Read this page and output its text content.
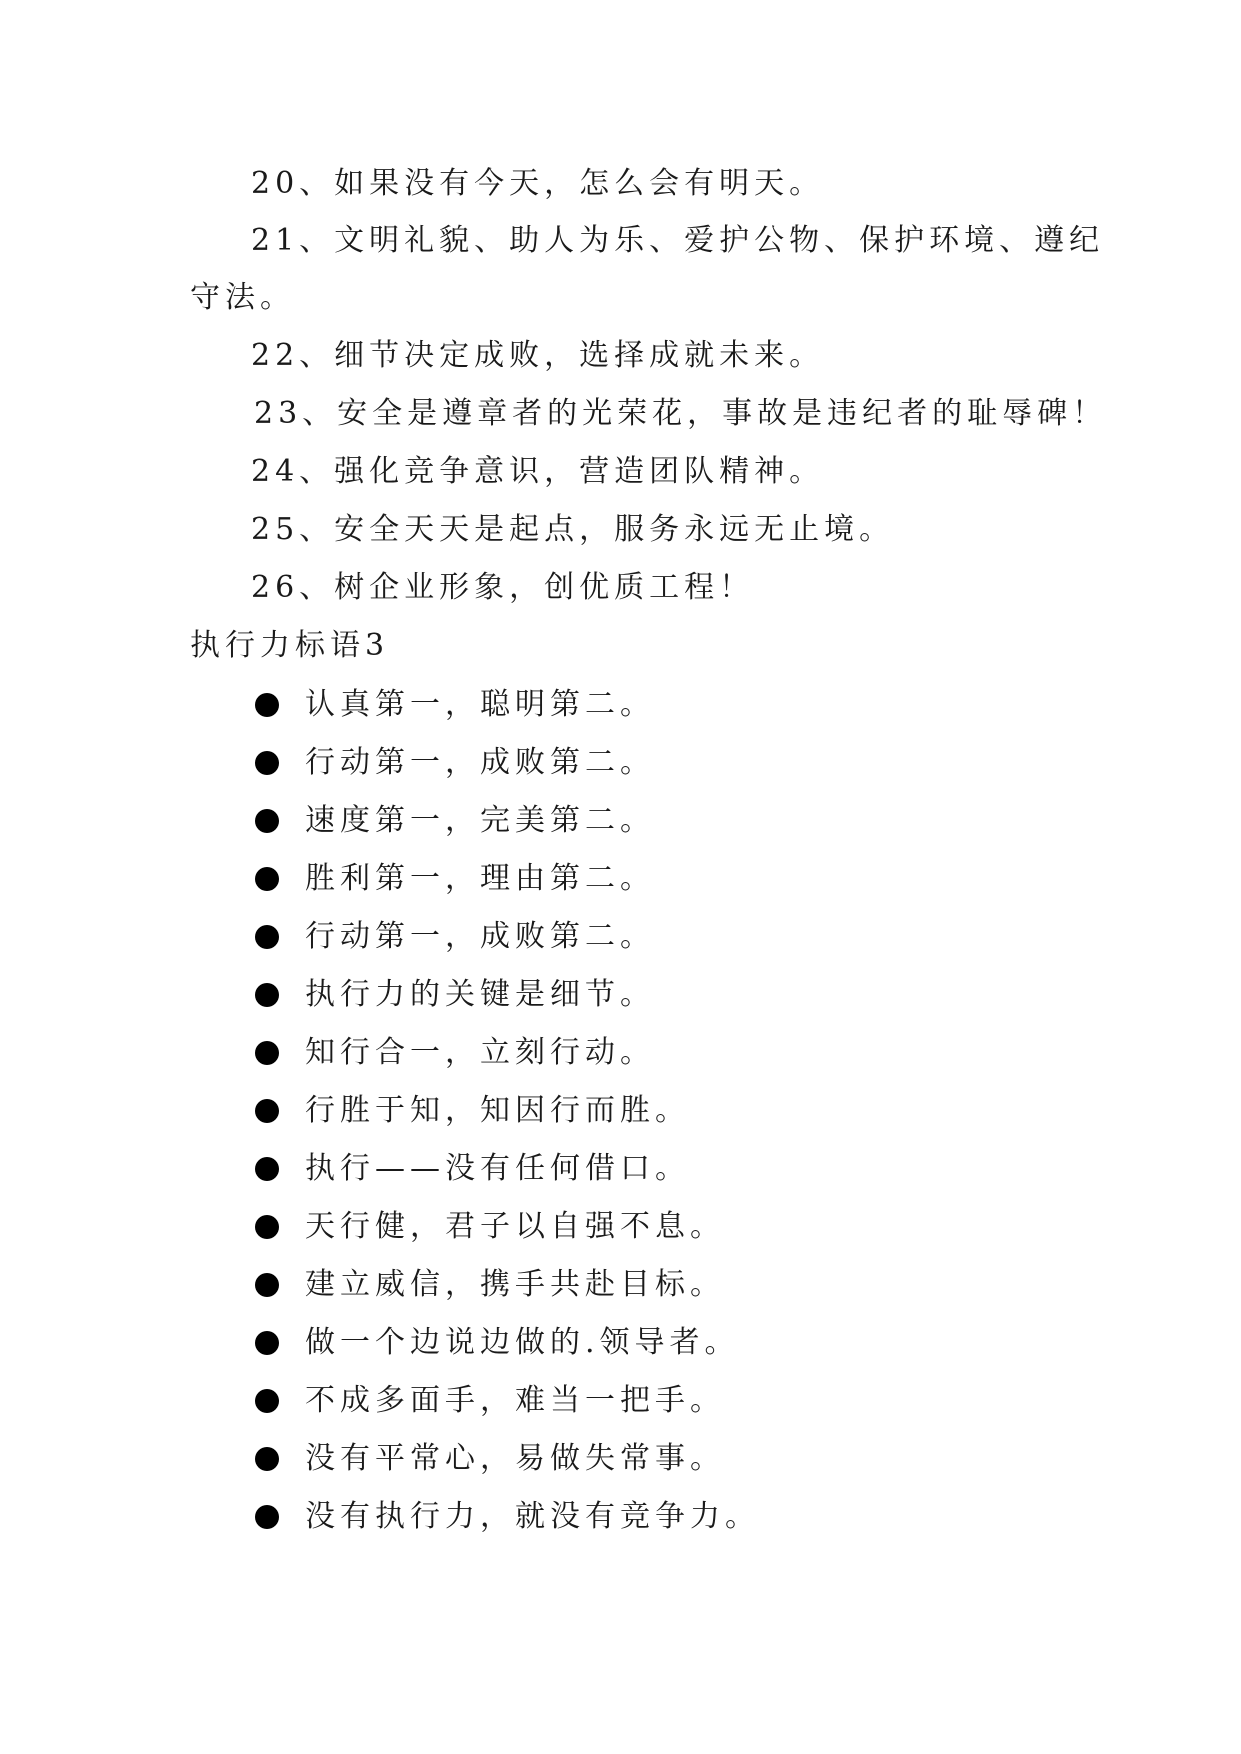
20、如果没有今天，怎么会有明天。

21、文明礼貌、助人为乐、爱护公物、保护环境、遵纪

守法。

22、细节决定成败，选择成就未来。

23、安全是遵章者的光荣花，事故是违纪者的耻辱碑！

24、强化竞争意识，营造团队精神。

25、安全天天是起点，服务永远无止境。

26、树企业形象，创优质工程！

执行力标语3

认真第一，聪明第二。
行动第一，成败第二。
速度第一，完美第二。
胜利第一，理由第二。
行动第一，成败第二。
执行力的关键是细节。
知行合一，立刻行动。
行胜于知，知因行而胜。
执行——没有任何借口。
天行健，君子以自强不息。
建立威信，携手共赴目标。
做一个边说边做的.领导者。
不成多面手，难当一把手。
没有平常心，易做失常事。
没有执行力，就没有竞争力。
